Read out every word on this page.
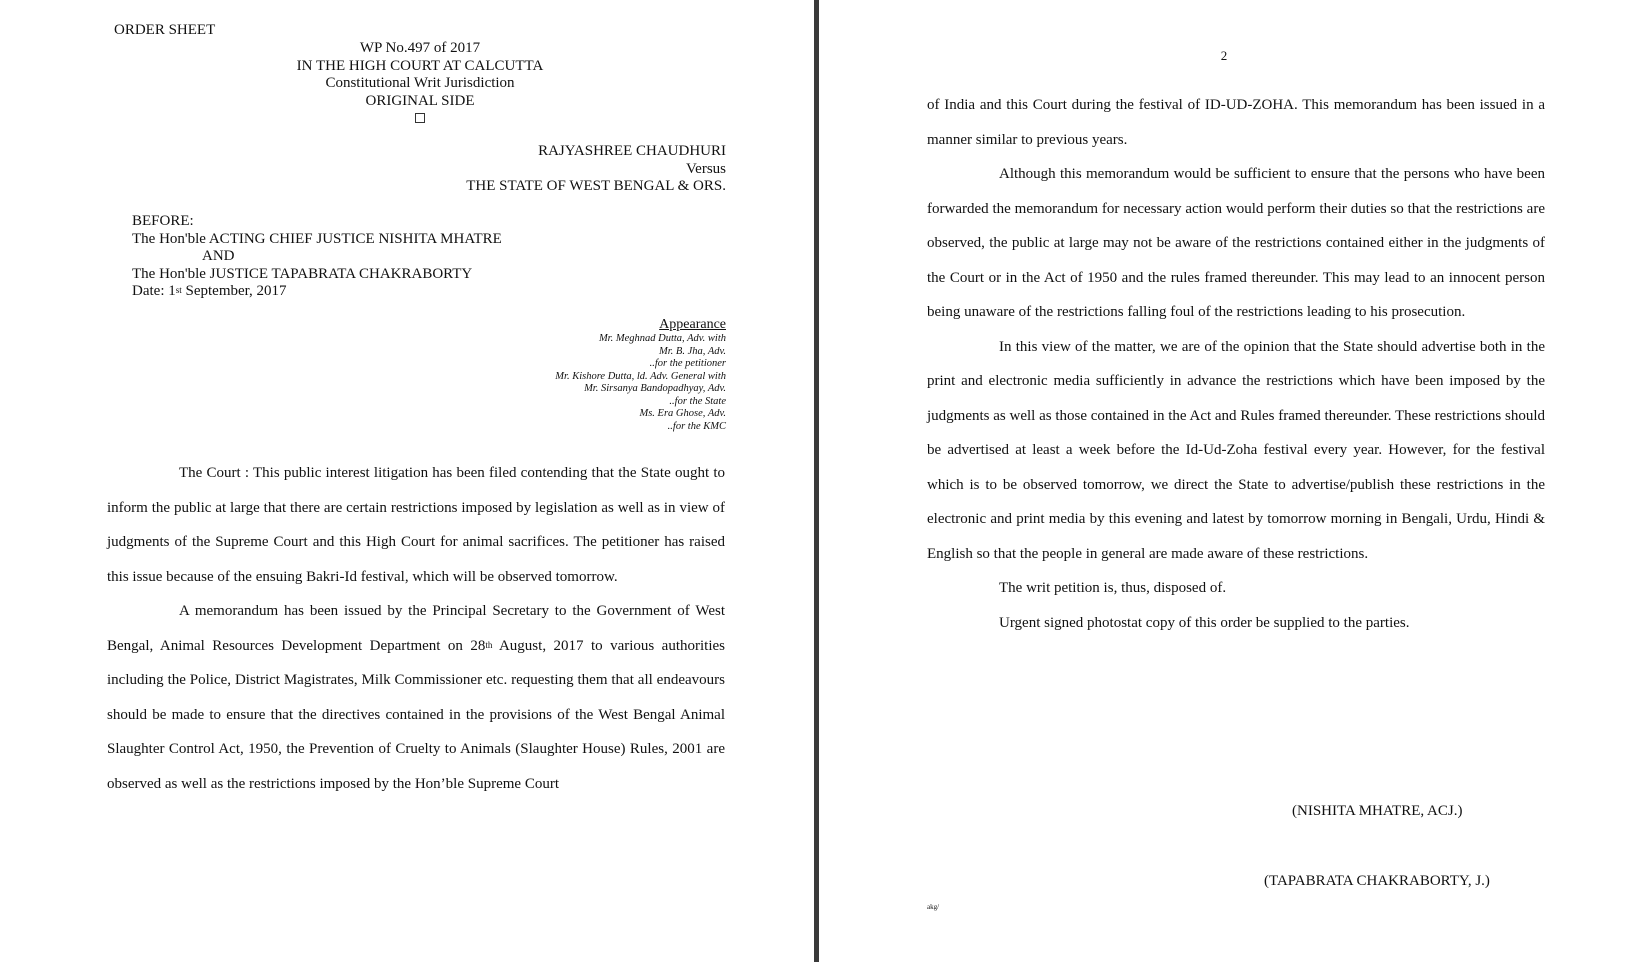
ORDER SHEET
WP No.497 of 2017
IN THE HIGH COURT AT CALCUTTA
Constitutional Writ Jurisdiction
ORIGINAL SIDE
RAJYASHREE CHAUDHURI
Versus
THE STATE OF WEST BENGAL & ORS.
BEFORE:
The Hon'ble ACTING CHIEF JUSTICE NISHITA MHATRE
AND
The Hon'ble JUSTICE TAPABRATA CHAKRABORTY
Date: 1st September, 2017
Appearance
Mr. Meghnad Dutta, Adv. with
Mr. B. Jha, Adv.
..for the petitioner
Mr. Kishore Dutta, ld. Adv. General with
Mr. Sirsanya Bandopadhyay, Adv.
..for the State
Ms. Era Ghose, Adv.
..for the KMC

The Court : This public interest litigation has been filed contending that the State ought to inform the public at large that there are certain restrictions imposed by legislation as well as in view of judgments of the Supreme Court and this High Court for animal sacrifices. The petitioner has raised this issue because of the ensuing Bakri-Id festival, which will be observed tomorrow.

A memorandum has been issued by the Principal Secretary to the Government of West Bengal, Animal Resources Development Department on 28th August, 2017 to various authorities including the Police, District Magistrates, Milk Commissioner etc. requesting them that all endeavours should be made to ensure that the directives contained in the provisions of the West Bengal Animal Slaughter Control Act, 1950, the Prevention of Cruelty to Animals (Slaughter House) Rules, 2001 are observed as well as the restrictions imposed by the Hon’ble Supreme Court

2

of India and this Court during the festival of ID-UD-ZOHA. This memorandum has been issued in a manner similar to previous years.

Although this memorandum would be sufficient to ensure that the persons who have been forwarded the memorandum for necessary action would perform their duties so that the restrictions are observed, the public at large may not be aware of the restrictions contained either in the judgments of the Court or in the Act of 1950 and the rules framed thereunder. This may lead to an innocent person being unaware of the restrictions falling foul of the restrictions leading to his prosecution.

In this view of the matter, we are of the opinion that the State should advertise both in the print and electronic media sufficiently in advance the restrictions which have been imposed by the judgments as well as those contained in the Act and Rules framed thereunder. These restrictions should be advertised at least a week before the Id-Ud-Zoha festival every year. However, for the festival which is to be observed tomorrow, we direct the State to advertise/publish these restrictions in the electronic and print media by this evening and latest by tomorrow morning in Bengali, Urdu, Hindi & English so that the people in general are made aware of these restrictions.

The writ petition is, thus, disposed of.

Urgent signed photostat copy of this order be supplied to the parties.

(NISHITA MHATRE, ACJ.)
(TAPABRATA CHAKRABORTY, J.)
akg/
